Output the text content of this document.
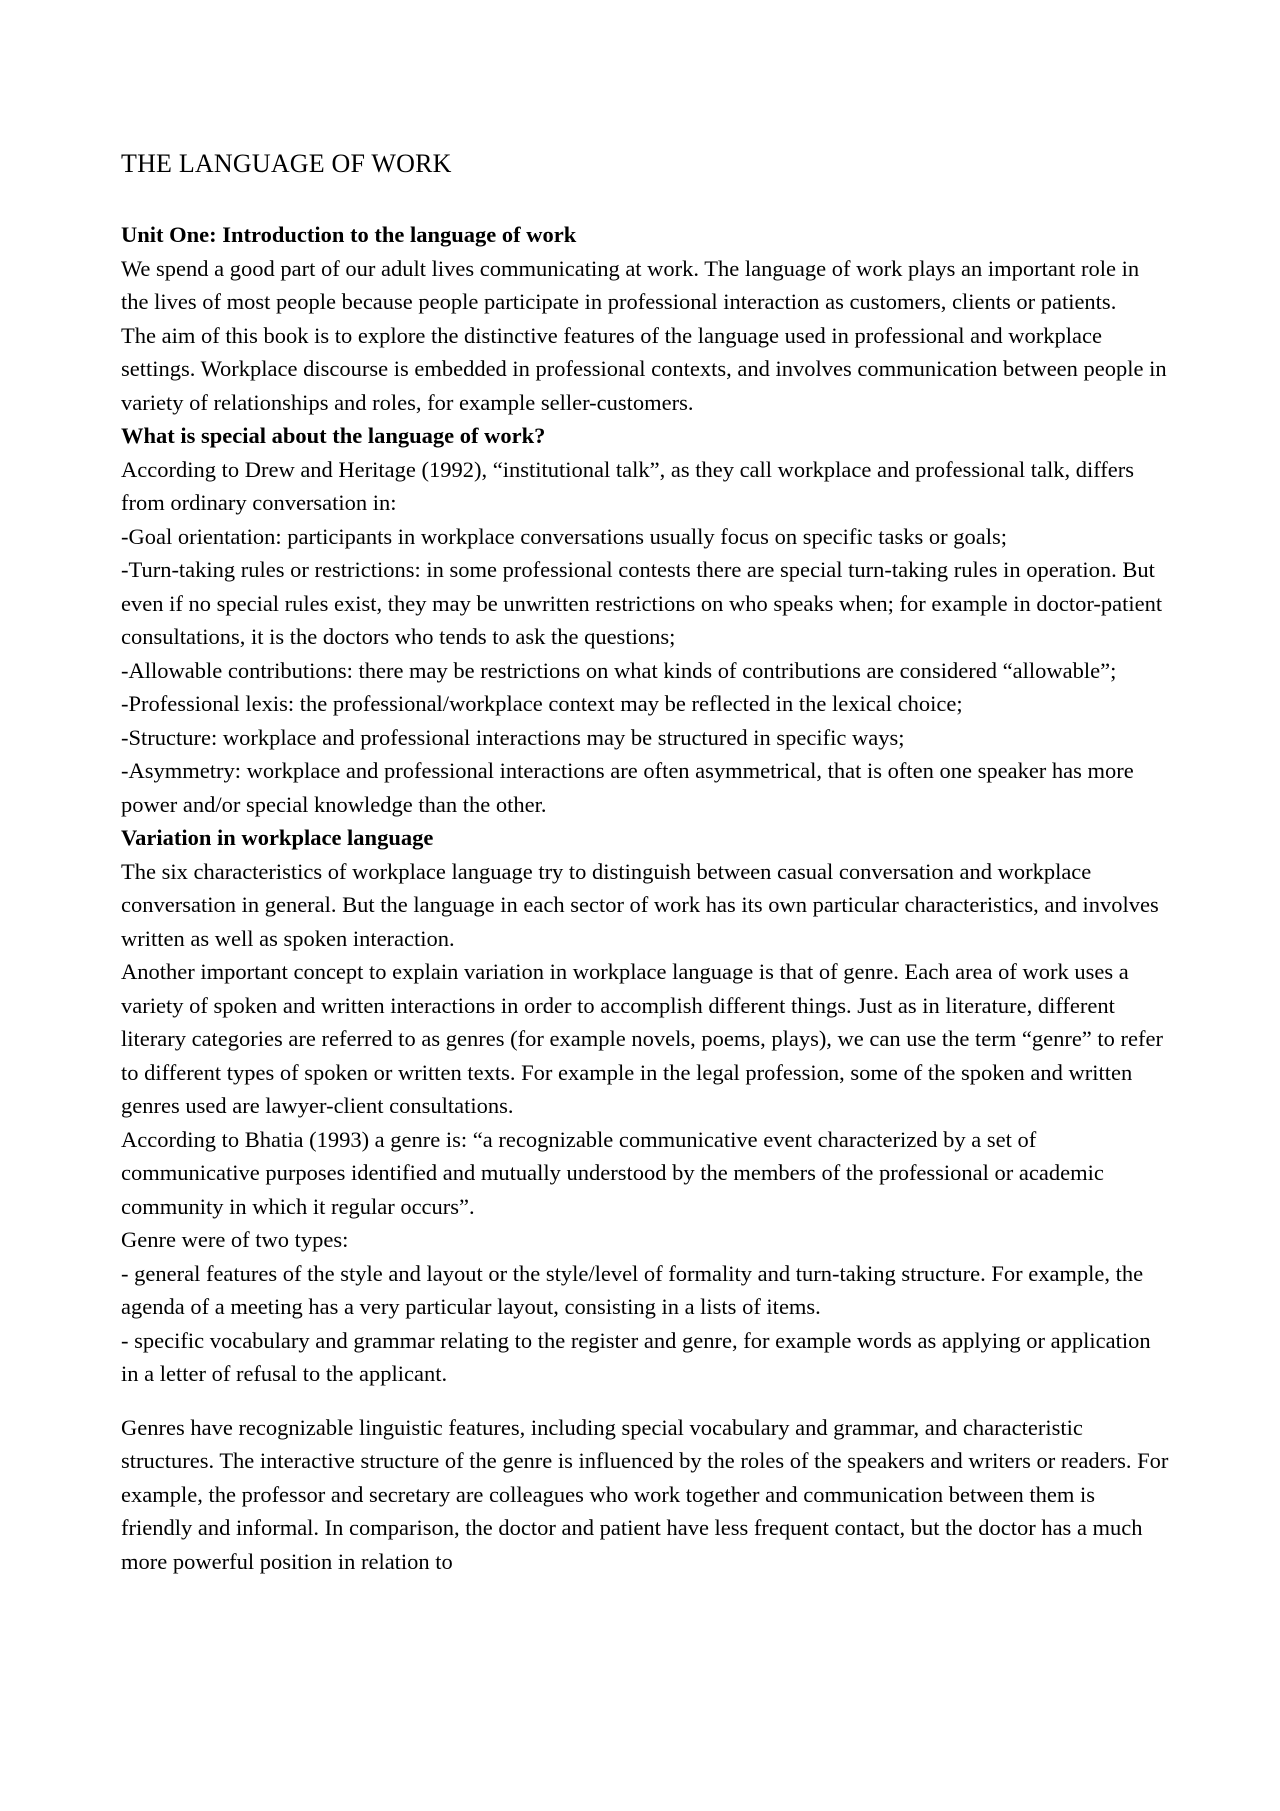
THE LANGUAGE OF WORK

Unit One: Introduction to the language of work

We spend a good part of our adult lives communicating at work. The language of work plays an important role in the lives of most people because people participate in professional interaction as customers, clients or patients.

The aim of this book is to explore the distinctive features of the language used in professional and workplace settings. Workplace discourse is embedded in professional contexts, and involves communication between people in variety of relationships and roles, for example seller-customers.

What is special about the language of work?

According to Drew and Heritage (1992), “institutional talk”, as they call workplace and professional talk, differs from ordinary conversation in:

-Goal orientation: participants in workplace conversations usually focus on specific tasks or goals;

-Turn-taking rules or restrictions: in some professional contests there are special turn-taking rules in operation. But even if no special rules exist, they may be unwritten restrictions on who speaks when; for example in doctor-patient consultations, it is the doctors who tends to ask the questions;

-Allowable contributions: there may be restrictions on what kinds of contributions are considered “allowable”;

-Professional lexis: the professional/workplace context may be reflected in the lexical choice;

-Structure: workplace and professional interactions may be structured in specific ways;

-Asymmetry: workplace and professional interactions are often asymmetrical, that is often one speaker has more power and/or special knowledge than the other.

Variation in workplace language

The six characteristics of workplace language try to distinguish between casual conversation and workplace conversation in general. But the language in each sector of work has its own particular characteristics, and involves written as well as spoken interaction.

Another important concept to explain variation in workplace language is that of genre. Each area of work uses a variety of spoken and written interactions in order to accomplish different things. Just as in literature, different literary categories are referred to as genres (for example novels, poems, plays), we can use the term “genre” to refer to different types of spoken or written texts. For example in the legal profession, some of the spoken and written genres used are lawyer-client consultations.

According to Bhatia (1993) a genre is: “a recognizable communicative event characterized by a set of communicative purposes identified and mutually understood by the members of the professional or academic community in which it regular occurs”.

Genre were of two types:

- general features of the style and layout or the style/level of formality and turn-taking structure. For example, the agenda of a meeting has a very particular layout, consisting in a lists of items.

- specific vocabulary and grammar relating to the register and genre, for example words as applying or application in a letter of refusal to the applicant.

Genres have recognizable linguistic features, including special vocabulary and grammar, and characteristic structures. The interactive structure of the genre is influenced by the roles of the speakers and writers or readers. For example, the professor and secretary are colleagues who work together and communication between them is friendly and informal. In comparison, the doctor and patient have less frequent contact, but the doctor has a much more powerful position in relation to
